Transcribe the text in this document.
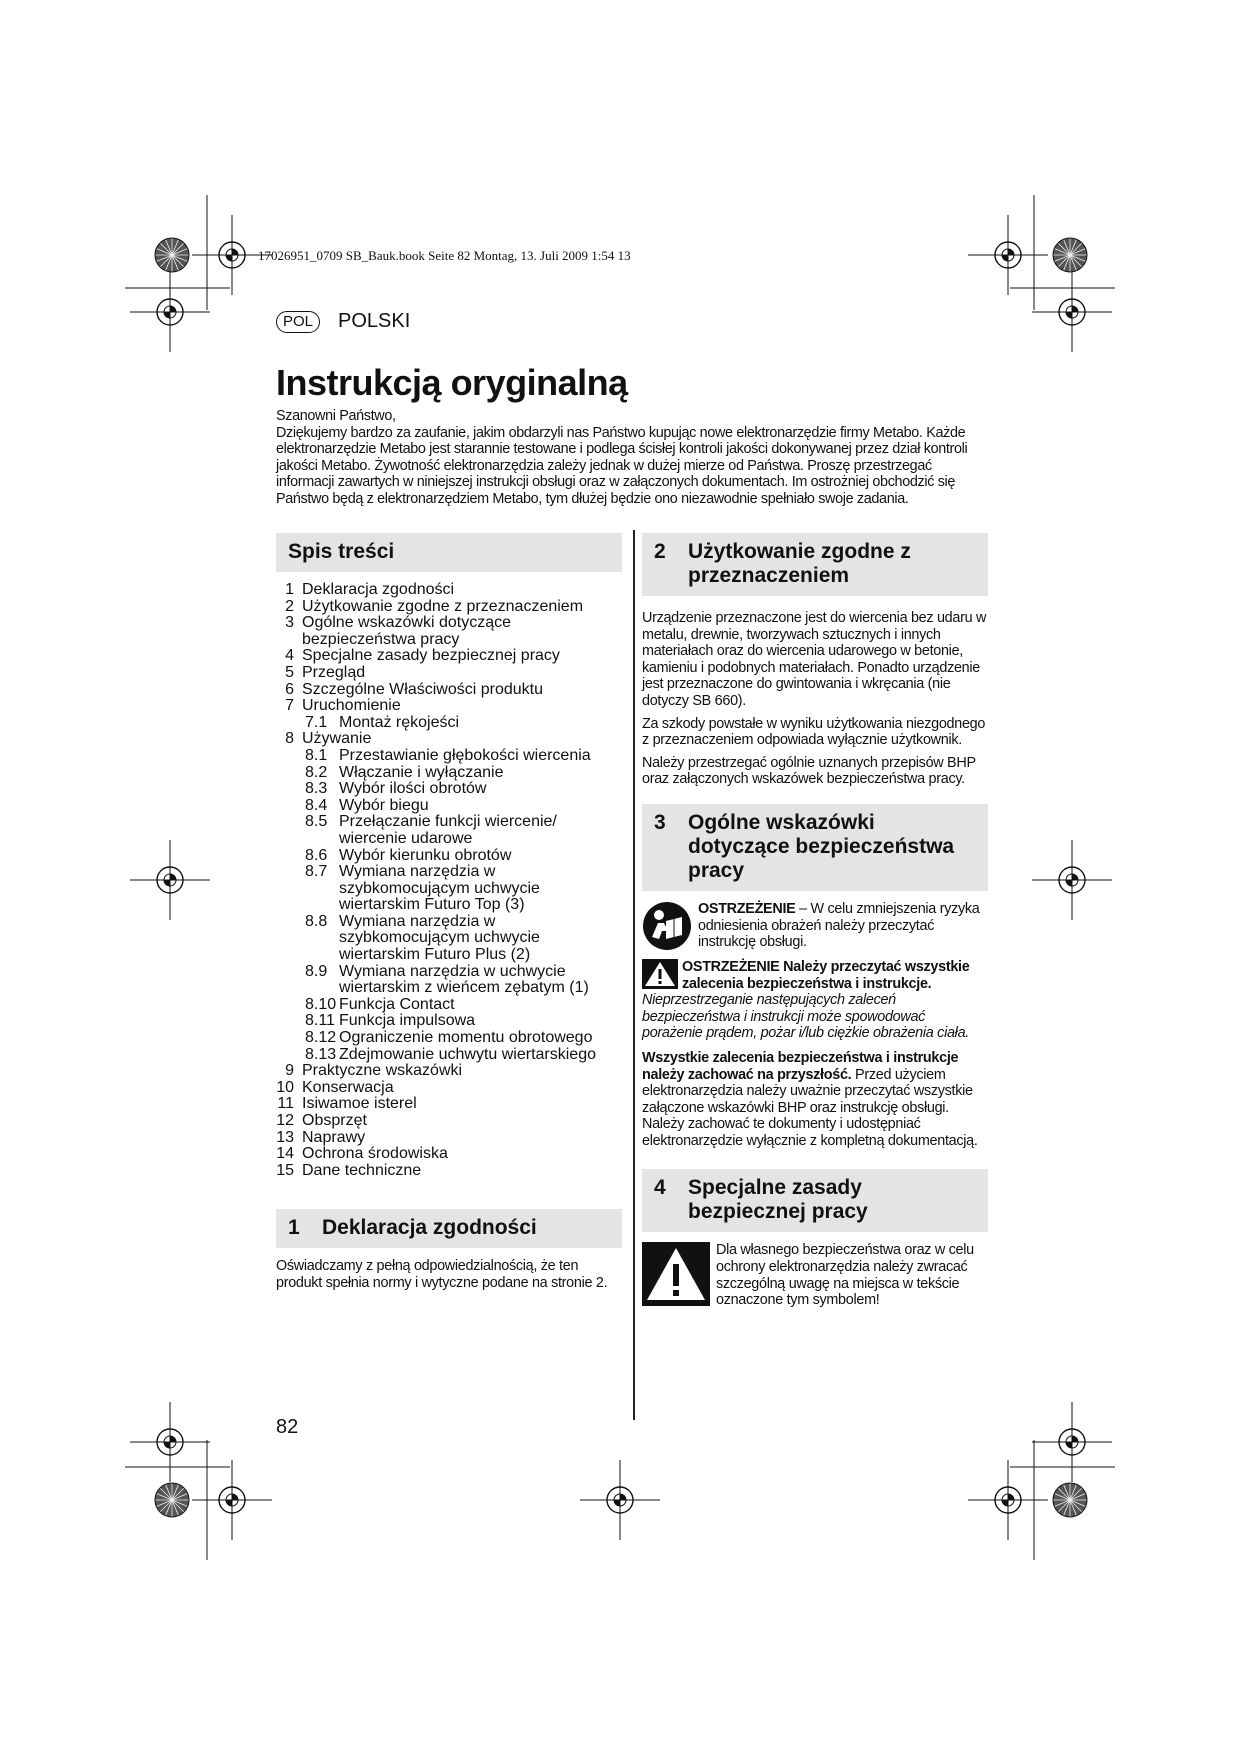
17026951_0709 SB_Bauk.book Seite 82 Montag, 13. Juli 2009 1:54 13
POL	POLSKI
Instrukcją oryginalną

Szanowni Państwo,

Dziękujemy bardzo za zaufanie, jakim obdarzyli nas Państwo kupując nowe elektronarzędzie firmy Metabo. Każde elektronarzędzie Metabo jest starannie testowane i podlega ścisłej kontroli jakości dokonywanej przez dział kontroli jakości Metabo. Żywotność elektronarzędzia zależy jednak w dużej mierze od Państwa. Proszę przestrzegać informacji zawartych w niniejszej instrukcji obsługi oraz w załączonych dokumentach. Im ostrożniej obchodzić się Państwo będą z elektronarzędziem Metabo, tym dłużej będzie ono niezawodnie spełniało swoje zadania.

Spis treści
1 Deklaracja zgodności
2 Użytkowanie zgodne z przeznaczeniem
3 Ogólne wskazówki dotyczące bezpieczeństwa pracy
4 Specjalne zasady bezpiecznej pracy
5 Przegląd
6 Szczególne Właściwości produktu
7 Uruchomienie
7.1 Montaż rękojeści
8 Używanie
8.1 Przestawianie głębokości wiercenia
8.2 Włączanie i wyłączanie
8.3 Wybór ilości obrotów
8.4 Wybór biegu
8.5 Przełączanie funkcji wiercenie/ wiercenie udarowe
8.6 Wybór kierunku obrotów
8.7 Wymiana narzędzia w szybkomocującym uchwycie wiertarskim Futuro Top (3)
8.8 Wymiana narzędzia w szybkomocującym uchwycie wiertarskim Futuro Plus (2)
8.9 Wymiana narzędzia w uchwycie wiertarskim z wieńcem zębatym (1)
8.10 Funkcja Contact
8.11 Funkcja impulsowa
8.12 Ograniczenie momentu obrotowego
8.13 Zdejmowanie uchwytu wiertarskiego
9 Praktyczne wskazówki
10 Konserwacja
11 Isiwamoe isterel
12 Obsprzęt
13 Naprawy
14 Ochrona środowiska
15 Dane techniczne
1	Deklaracja zgodności

Oświadczamy z pełną odpowiedzialnością, że ten produkt spełnia normy i wytyczne podane na stronie 2.

2	Użytkowanie zgodne z przeznaczeniem

Urządzenie przeznaczone jest do wiercenia bez udaru w metalu, drewnie, tworzywach sztucznych i innych materiałach oraz do wiercenia udarowego w betonie, kamieniu i podobnych materiałach. Ponadto urządzenie jest przeznaczone do gwintowania i wkręcania (nie dotyczy SB 660).

Za szkody powstałe w wyniku użytkowania niezgodnego z przeznaczeniem odpowiada wyłącznie użytkownik.

Należy przestrzegać ogólnie uznanych przepisów BHP oraz załączonych wskazówek bezpieczeństwa pracy.

3	Ogólne wskazówki dotyczące bezpieczeństwa pracy
OSTRZEŻENIE – W celu zmniejszenia ryzyka odniesienia obrażeń należy przeczytać instrukcję obsługi.
OSTRZEŻENIE Należy przeczytać wszystkie zalecenia bezpieczeństwa i instrukcje. Nieprzestrzeganie następujących zaleceń bezpieczeństwa i instrukcji może spowodować porażenie prądem, pożar i/lub ciężkie obrażenia ciała.
Wszystkie zalecenia bezpieczeństwa i instrukcje należy zachować na przyszłość. Przed użyciem elektronarzędzia należy uważnie przeczytać wszystkie załączone wskazówki BHP oraz instrukcję obsługi. Należy zachować te dokumenty i udostępniać elektronarzędzie wyłącznie z kompletną dokumentacją.
4	Specjalne zasady bezpiecznej pracy
Dla własnego bezpieczeństwa oraz w celu ochrony elektronarzędzia należy zwracać szczególną uwagę na miejsca w tekście oznaczone tym symbolem!
82
